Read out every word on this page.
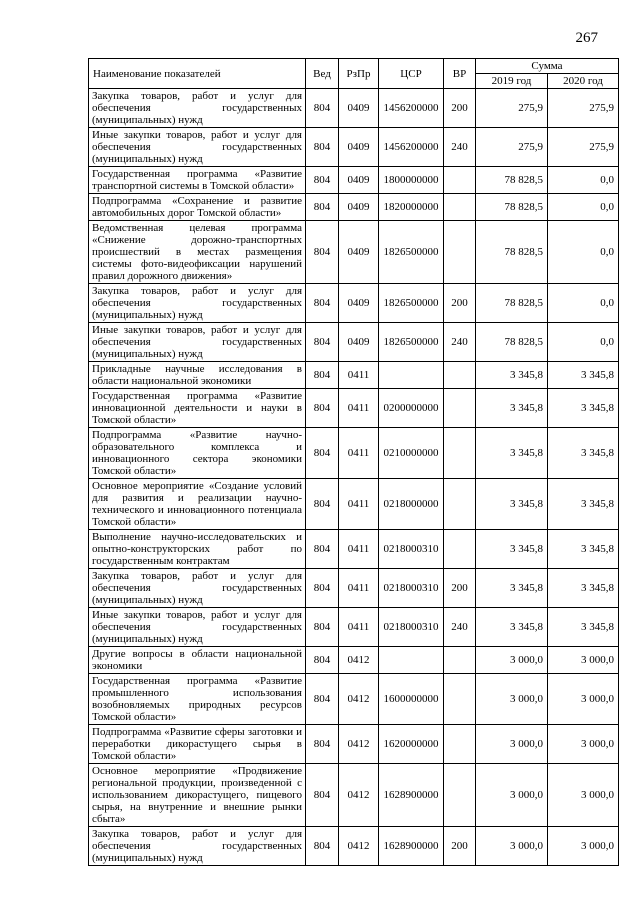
267
Наименование показателей	Вед	РзПр	ЦСР	ВР	Сумма	
					2019 год	2020 год
Закупка товаров, работ и услуг для обеспечения государственных (муниципальных) нужд	804	0409	1456200000	200	275,9	275,9
Иные закупки товаров, работ и услуг для обеспечения государственных (муниципальных) нужд	804	0409	1456200000	240	275,9	275,9
Государственная программа «Развитие транспортной системы в Томской области»	804	0409	1800000000		78 828,5	0,0
Подпрограмма «Сохранение и развитие автомобильных дорог Томской области»	804	0409	1820000000		78 828,5	0,0
Ведомственная целевая программа «Снижение дорожно-транспортных происшествий в местах размещения системы фото-видеофиксации нарушений правил дорожного движения»	804	0409	1826500000		78 828,5	0,0
Закупка товаров, работ и услуг для обеспечения государственных (муниципальных) нужд	804	0409	1826500000	200	78 828,5	0,0
Иные закупки товаров, работ и услуг для обеспечения государственных (муниципальных) нужд	804	0409	1826500000	240	78 828,5	0,0
Прикладные научные исследования в области национальной экономики	804	0411			3 345,8	3 345,8
Государственная программа «Развитие инновационной деятельности и науки в Томской области»	804	0411	0200000000		3 345,8	3 345,8
Подпрограмма «Развитие научно-образовательного комплекса и инновационного сектора экономики Томской области»	804	0411	0210000000		3 345,8	3 345,8
Основное мероприятие «Создание условий для развития и реализации научно-технического и инновационного потенциала Томской области»	804	0411	0218000000		3 345,8	3 345,8
Выполнение научно-исследовательских и опытно-конструкторских работ по государственным контрактам	804	0411	0218000310		3 345,8	3 345,8
Закупка товаров, работ и услуг для обеспечения государственных (муниципальных) нужд	804	0411	0218000310	200	3 345,8	3 345,8
Иные закупки товаров, работ и услуг для обеспечения государственных (муниципальных) нужд	804	0411	0218000310	240	3 345,8	3 345,8
Другие вопросы в области национальной экономики	804	0412			3 000,0	3 000,0
Государственная программа «Развитие промышленного использования возобновляемых природных ресурсов Томской области»	804	0412	1600000000		3 000,0	3 000,0
Подпрограмма «Развитие сферы заготовки и переработки дикорастущего сырья в Томской области»	804	0412	1620000000		3 000,0	3 000,0
Основное мероприятие «Продвижение региональной продукции, произведенной с использованием дикорастущего, пищевого сырья, на внутренние и внешние рынки сбыта»	804	0412	1628900000		3 000,0	3 000,0
Закупка товаров, работ и услуг для обеспечения государственных (муниципальных) нужд	804	0412	1628900000	200	3 000,0	3 000,0
